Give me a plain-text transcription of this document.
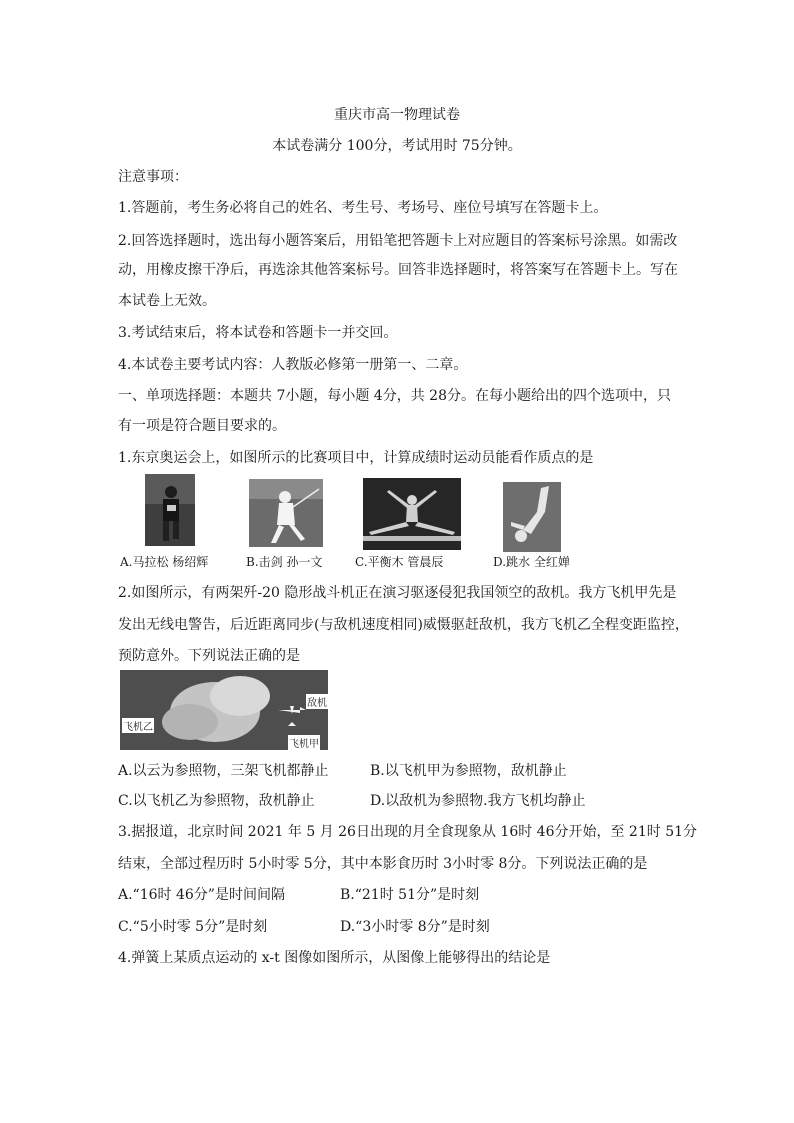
重庆市高一物理试卷
本试卷满分 100分，考试用时 75分钟。
注意事项：
1.答题前，考生务必将自己的姓名、考生号、考场号、座位号填写在答题卡上。
2.回答选择题时，选出每小题答案后，用铅笔把答题卡上对应题目的答案标号涂黑。如需改
动，用橡皮擦干净后，再选涂其他答案标号。回答非选择题时，将答案写在答题卡上。写在
本试卷上无效。
3.考试结束后，将本试卷和答题卡一并交回。
4.本试卷主要考试内容：人教版必修第一册第一、二章。
一、单项选择题：本题共 7小题，每小题 4分，共 28分。在每小题给出的四个选项中，只
有一项是符合题目要求的。
1.东京奥运会上，如图所示的比赛项目中，计算成绩时运动员能看作质点的是
A.马拉松 杨绍辉	B.击剑 孙一文	C.平衡木 管晨辰	D.跳水 全红婵
2.如图所示，有两架歼-20 隐形战斗机正在演习驱逐侵犯我国领空的敌机。我方飞机甲先是
发出无线电警告，后近距离同步(与敌机速度相同)威慑驱赶敌机，我方飞机乙全程变距监控，
预防意外。下列说法正确的是
飞机乙
敌机
飞机甲
A.以云为参照物，三架飞机都静止	B.以飞机甲为参照物，敌机静止
C.以飞机乙为参照物，敌机静止	D.以敌机为参照物.我方飞机均静止
3.据报道，北京时间 2021 年 5 月 26日出现的月全食现象从 16时 46分开始，至 21时 51分
结束，全部过程历时 5小时零 5分，其中本影食历时 3小时零 8分。下列说法正确的是
A.“16时 46分”是时间间隔	B.“21时 51分”是时刻
C.“5小时零 5分”是时刻	D.“3小时零 8分”是时刻
4.弹簧上某质点运动的 x-t 图像如图所示，从图像上能够得出的结论是
